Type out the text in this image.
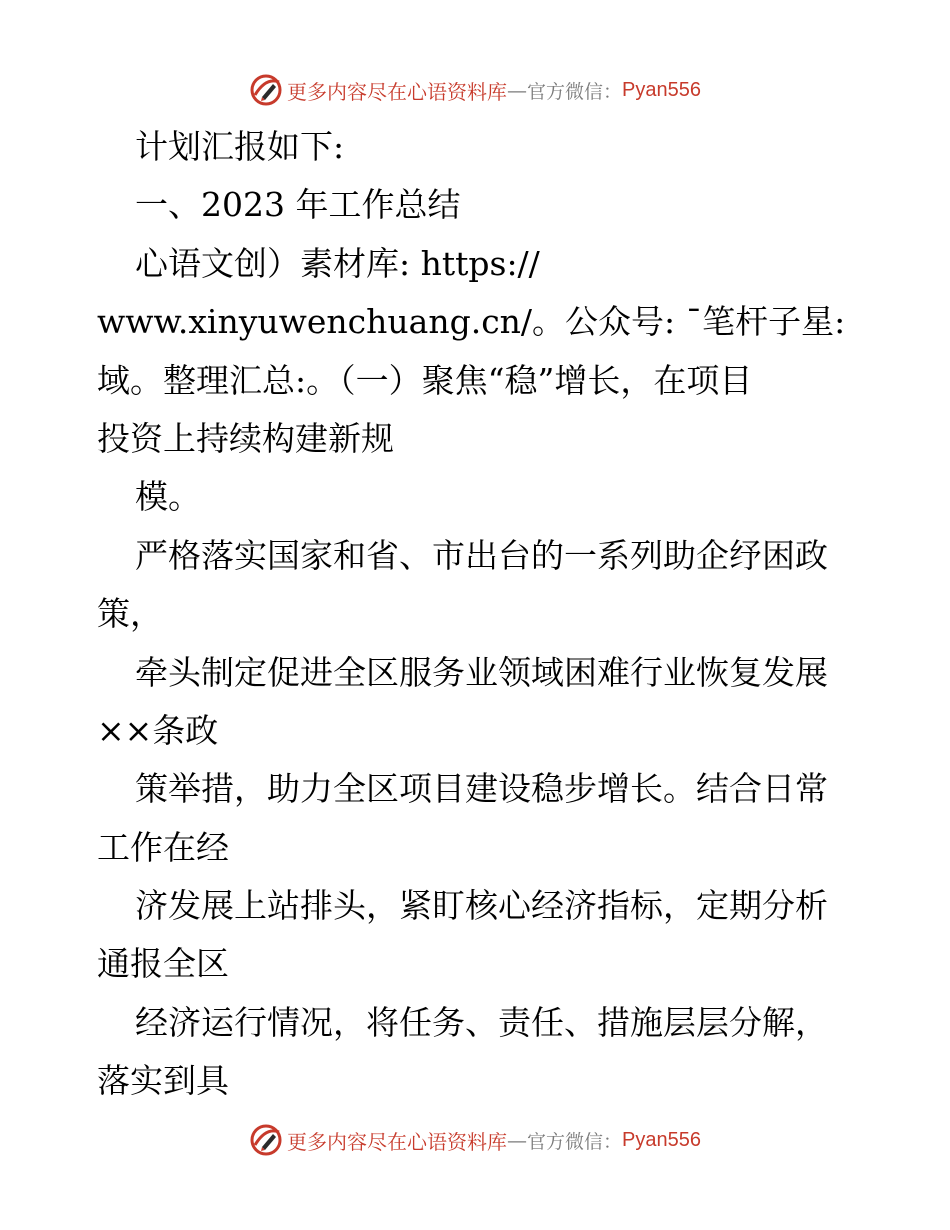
更多内容尽在心语资料库 — 官方微信： Pyan556
计划汇报如下:
一、2023 年工作总结
心语文创）素材库: https://
www.xinyuwenchuang.cn/。公众号: ¯笔杆子星:
域。整理汇总:。（一）聚焦“稳”增长，在项目
投资上持续构建新规
模。
严格落实国家和省、市出台的一系列助企纾困政
策，
牵头制定促进全区服务业领域困难行业恢复发展
××条政
策举措，助力全区项目建设稳步增长。结合日常
工作在经
济发展上站排头，紧盯核心经济指标，定期分析
通报全区
经济运行情况，将任务、责任、措施层层分解，
落实到具
更多内容尽在心语资料库 — 官方微信： Pyan556
